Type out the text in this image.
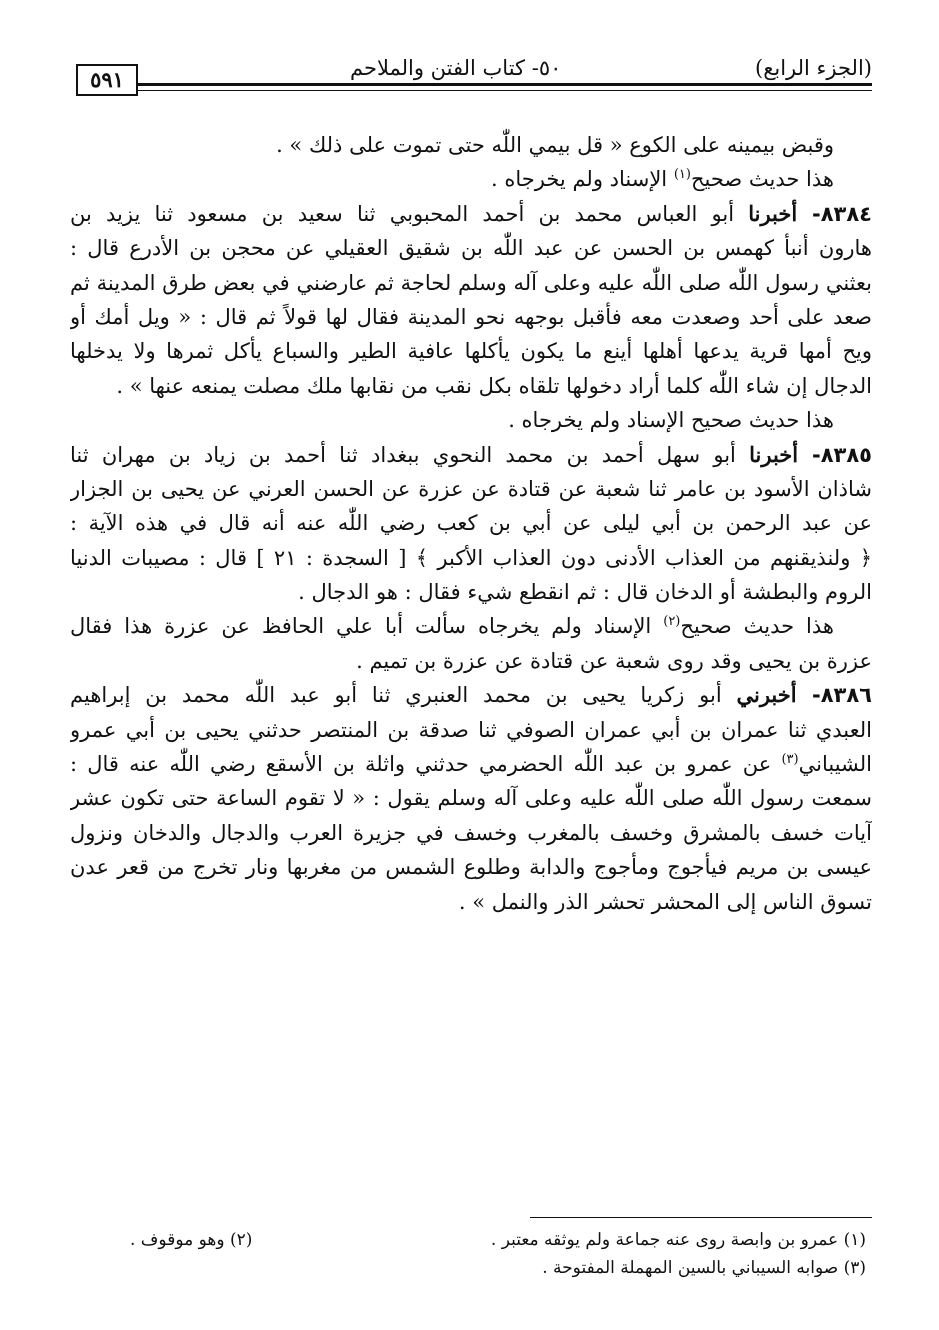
(الجزء الرابع)
٥٠- كتاب الفتن والملاحم
٥٩١
وقبض بيمينه على الكوع « قل بيمي اللّٰه حتى تموت على ذلك » .
هذا حديث صحيح$^{(١)}$ الإسناد ولم يخرجاه .
٨٣٨٤- أخبرنا أبو العباس محمد بن أحمد المحبوبي ثنا سعيد بن مسعود ثنا يزيد بن
هارون أنبأ كهمس بن الحسن عن عبد اللّٰه بن شقيق العقيلي عن محجن بن الأدرع قال :
بعثني رسول اللّٰه صلى اللّٰه عليه وعلى آله وسلم لحاجة ثم عارضني في بعض طرق المدينة ثم
صعد على أحد وصعدت معه فأقبل بوجهه نحو المدينة فقال لها قولاً ثم قال : « ويل أمك أو
ويح أمها قرية يدعها أهلها أينع ما يكون يأكلها عافية الطير والسباع يأكل ثمرها ولا يدخلها
الدجال إن شاء اللّٰه كلما أراد دخولها تلقاه بكل نقب من نقابها ملك مصلت يمنعه عنها » .
هذا حديث صحيح الإسناد ولم يخرجاه .
٨٣٨٥- أخبرنا أبو سهل أحمد بن محمد النحوي ببغداد ثنا أحمد بن زياد بن مهران ثنا
شاذان الأسود بن عامر ثنا شعبة عن قتادة عن عزرة عن الحسن العرني عن يحيى بن الجزار
عن عبد الرحمن بن أبي ليلى عن أبي بن كعب رضي اللّٰه عنه أنه قال في هذه الآية :
﴿ ولنذيقنهم من العذاب الأدنى دون العذاب الأكبر ﴾ [ السجدة : ٢١ ] قال : مصيبات الدنيا
الروم والبطشة أو الدخان قال : ثم انقطع شيء فقال : هو الدجال .
هذا حديث صحيح$^{(٢)}$ الإسناد ولم يخرجاه سألت أبا علي الحافظ عن عزرة هذا فقال
عزرة بن يحيى وقد روى شعبة عن قتادة عن عزرة بن تميم .
٨٣٨٦- أخبرني أبو زكريا يحيى بن محمد العنبري ثنا أبو عبد اللّٰه محمد بن إبراهيم
العبدي ثنا عمران بن أبي عمران الصوفي ثنا صدقة بن المنتصر حدثني يحيى بن أبي عمرو
الشيباني$^{(٣)}$ عن عمرو بن عبد اللّٰه الحضرمي حدثني واثلة بن الأسقع رضي اللّٰه عنه قال :
سمعت رسول اللّٰه صلى اللّٰه عليه وعلى آله وسلم يقول : « لا تقوم الساعة حتى تكون عشر
آيات خسف بالمشرق وخسف بالمغرب وخسف في جزيرة العرب والدجال والدخان ونزول
عيسى بن مريم فيأجوج ومأجوج والدابة وطلوع الشمس من مغربها ونار تخرج من قعر عدن
تسوق الناس إلى المحشر تحشر الذر والنمل » .
(١) عمرو بن وابصة روى عنه جماعة ولم يوثقه معتبر .
(٢) وهو موقوف .
(٣) صوابه السيباني بالسين المهملة المفتوحة .
